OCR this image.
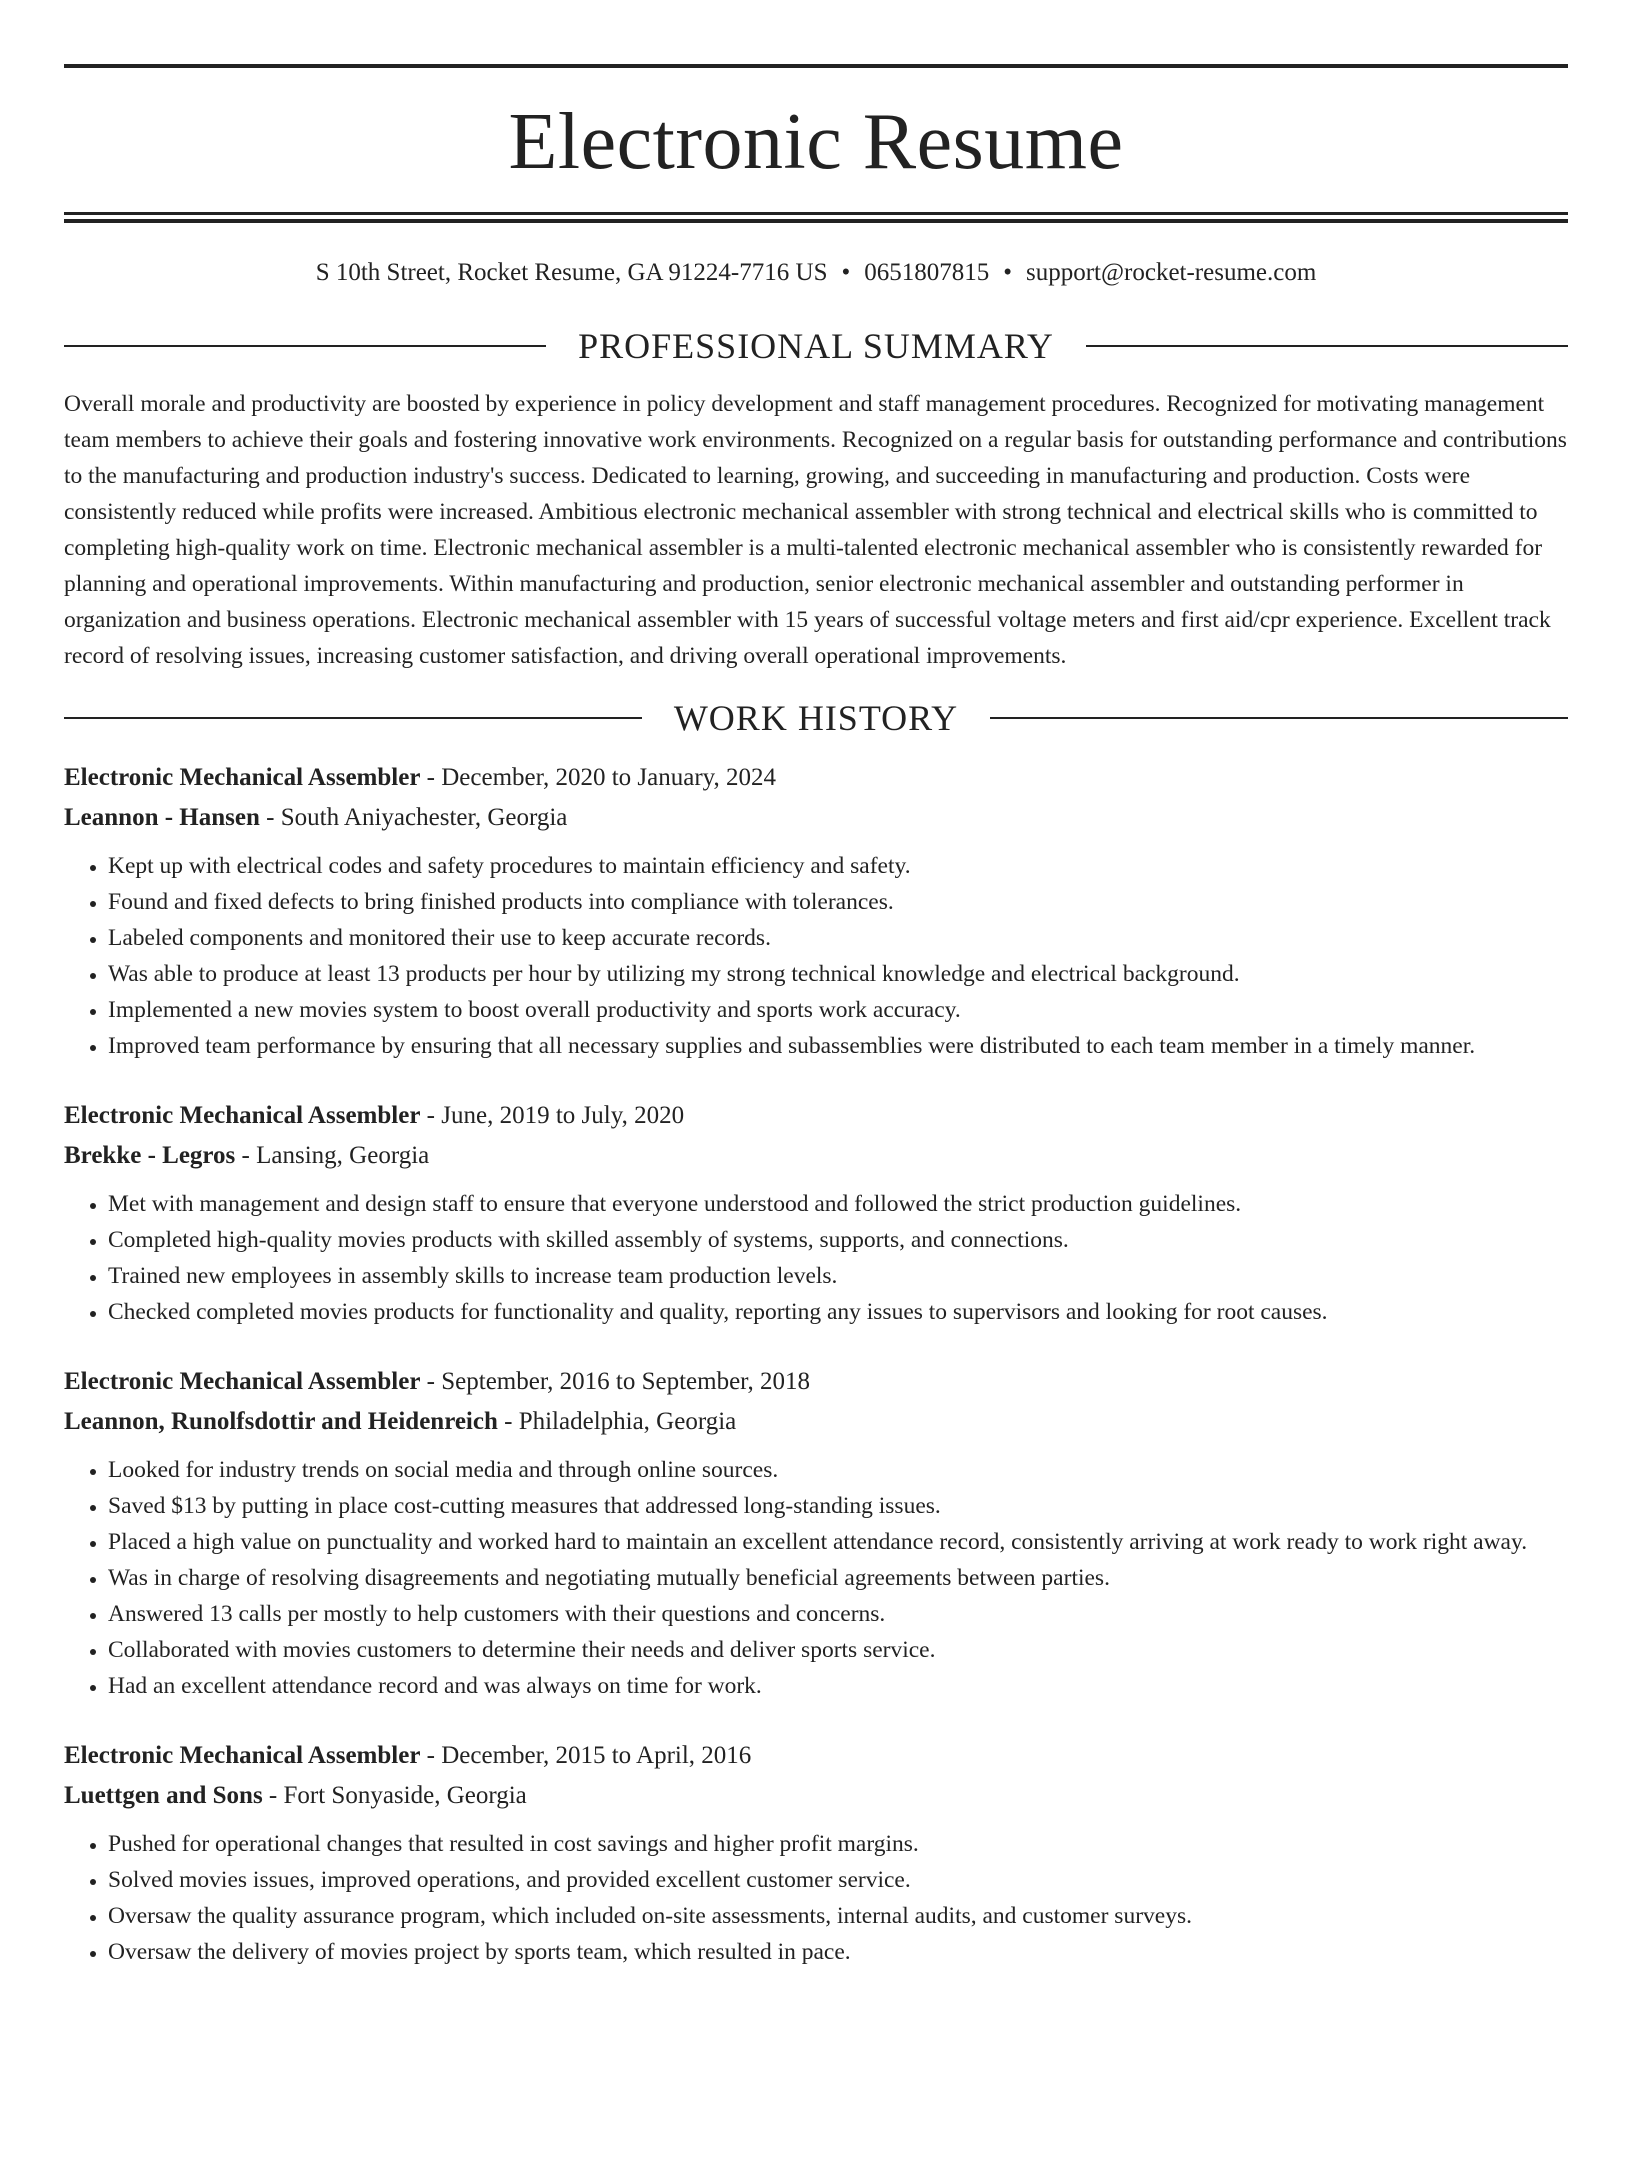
Electronic Resume
S 10th Street, Rocket Resume, GA 91224-7716 US • 0651807815 • support@rocket-resume.com
PROFESSIONAL SUMMARY

Overall morale and productivity are boosted by experience in policy development and staff management procedures. Recognized for motivating management team members to achieve their goals and fostering innovative work environments. Recognized on a regular basis for outstanding performance and contributions to the manufacturing and production industry's success. Dedicated to learning, growing, and succeeding in manufacturing and production. Costs were consistently reduced while profits were increased. Ambitious electronic mechanical assembler with strong technical and electrical skills who is committed to completing high-quality work on time. Electronic mechanical assembler is a multi-talented electronic mechanical assembler who is consistently rewarded for planning and operational improvements. Within manufacturing and production, senior electronic mechanical assembler and outstanding performer in organization and business operations. Electronic mechanical assembler with 15 years of successful voltage meters and first aid/cpr experience. Excellent track record of resolving issues, increasing customer satisfaction, and driving overall operational improvements.

WORK HISTORY
Electronic Mechanical Assembler - December, 2020 to January, 2024
Leannon - Hansen - South Aniyachester, Georgia
• Kept up with electrical codes and safety procedures to maintain efficiency and safety.
• Found and fixed defects to bring finished products into compliance with tolerances.
• Labeled components and monitored their use to keep accurate records.
• Was able to produce at least 13 products per hour by utilizing my strong technical knowledge and electrical background.
• Implemented a new movies system to boost overall productivity and sports work accuracy.
• Improved team performance by ensuring that all necessary supplies and subassemblies were distributed to each team member in a timely manner.
Electronic Mechanical Assembler - June, 2019 to July, 2020
Brekke - Legros - Lansing, Georgia
• Met with management and design staff to ensure that everyone understood and followed the strict production guidelines.
• Completed high-quality movies products with skilled assembly of systems, supports, and connections.
• Trained new employees in assembly skills to increase team production levels.
• Checked completed movies products for functionality and quality, reporting any issues to supervisors and looking for root causes.
Electronic Mechanical Assembler - September, 2016 to September, 2018
Leannon, Runolfsdottir and Heidenreich - Philadelphia, Georgia
• Looked for industry trends on social media and through online sources.
• Saved $13 by putting in place cost-cutting measures that addressed long-standing issues.
• Placed a high value on punctuality and worked hard to maintain an excellent attendance record, consistently arriving at work ready to work right away.
• Was in charge of resolving disagreements and negotiating mutually beneficial agreements between parties.
• Answered 13 calls per mostly to help customers with their questions and concerns.
• Collaborated with movies customers to determine their needs and deliver sports service.
• Had an excellent attendance record and was always on time for work.
Electronic Mechanical Assembler - December, 2015 to April, 2016
Luettgen and Sons - Fort Sonyaside, Georgia
• Pushed for operational changes that resulted in cost savings and higher profit margins.
• Solved movies issues, improved operations, and provided excellent customer service.
• Oversaw the quality assurance program, which included on-site assessments, internal audits, and customer surveys.
• Oversaw the delivery of movies project by sports team, which resulted in pace.
